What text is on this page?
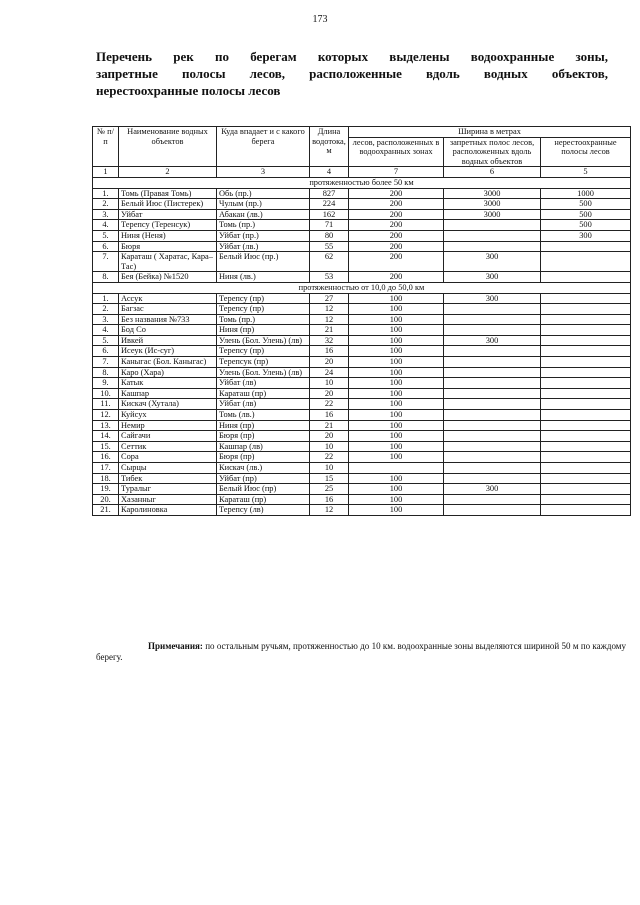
173
Перечень рек по берегам которых выделены водоохранные зоны,
запретные полосы лесов, расположенные вдоль водных объектов,
нерестоохранные полосы лесов
№ п/п	Наименование водных объектов	Куда впадает и с какого берега	Длина водотока, м	Ширина в метрах		
				лесов, расположенных в водоохранных зонах	запретных полос лесов, расположенных вдоль водных объектов	нерестоохранные полосы лесов
1	2	3	4	7	6	5
протяженностью более 50 км						
1.	Томь (Правая Томь)	Обь (пр.)	827	200	3000	1000
2.	Белый Июс (Пистерек)	Чулым (пр.)	224	200	3000	500
3.	Уйбат	Абакан (лв.)	162	200	3000	500
4.	Терепсу (Теренсук)	Томь (пр.)	71	200		500
5.	Ниня (Неня)	Уйбат (пр.)	80	200		300
6.	Бюря	Уйбат (лв.)	55	200		
7.	Караташ ( Харатас, Кара–Тас)	Белый Июс (пр.)	62	200	300	
8.	Бея (Бейка) №1520	Ниня (лв.)	53	200	300	
протяженностью от 10,0 до 50,0 км						
1.	Ассук	Терепсу (пр)	27	100	300	
2.	Багзас	Терепсу (пр)	12	100		
3.	Без названия №733	Томь (пр.)	12	100		
4.	Бод Со	Ниня (пр)	21	100		
5.	Ивкей	Улень (Бол. Улень) (лв)	32	100	300	
6.	Исеук (Ис-суг)	Терепсу (пр)	16	100		
7.	Каныгас (Бол. Каныгас)	Терепсук (пр)	20	100		
8.	Каро (Хара)	Улень (Бол. Улень) (лв)	24	100		
9.	Катык	Уйбат (лв)	10	100		
10.	Кашпар	Караташ (пр)	20	100		
11.	Кискач (Хутала)	Уйбат (лв)	22	100		
12.	Куйсух	Томь (лв.)	16	100		
13.	Немир	Ниня (пр)	21	100		
14.	Сайгачи	Бюря (пр)	20	100		
15.	Сеттик	Кашпар (лв)	10	100		
16.	Сора	Бюря (пр)	22	100		
17.	Сырцы	Кискач (лв.)	10			
18.	Тибек	Уйбат (пр)	15	100		
19.	Туралыг	Белый Июс (пр)	25	100	300	
20.	Хазанныг	Караташ (пр)	16	100		
21.	Каролиновка	Терепсу (лв)	12	100		
Примечания: по остальным ручьям, протяженностью до 10 км. водоохранные зоны выделяются шириной 50 м по каждому берегу.
